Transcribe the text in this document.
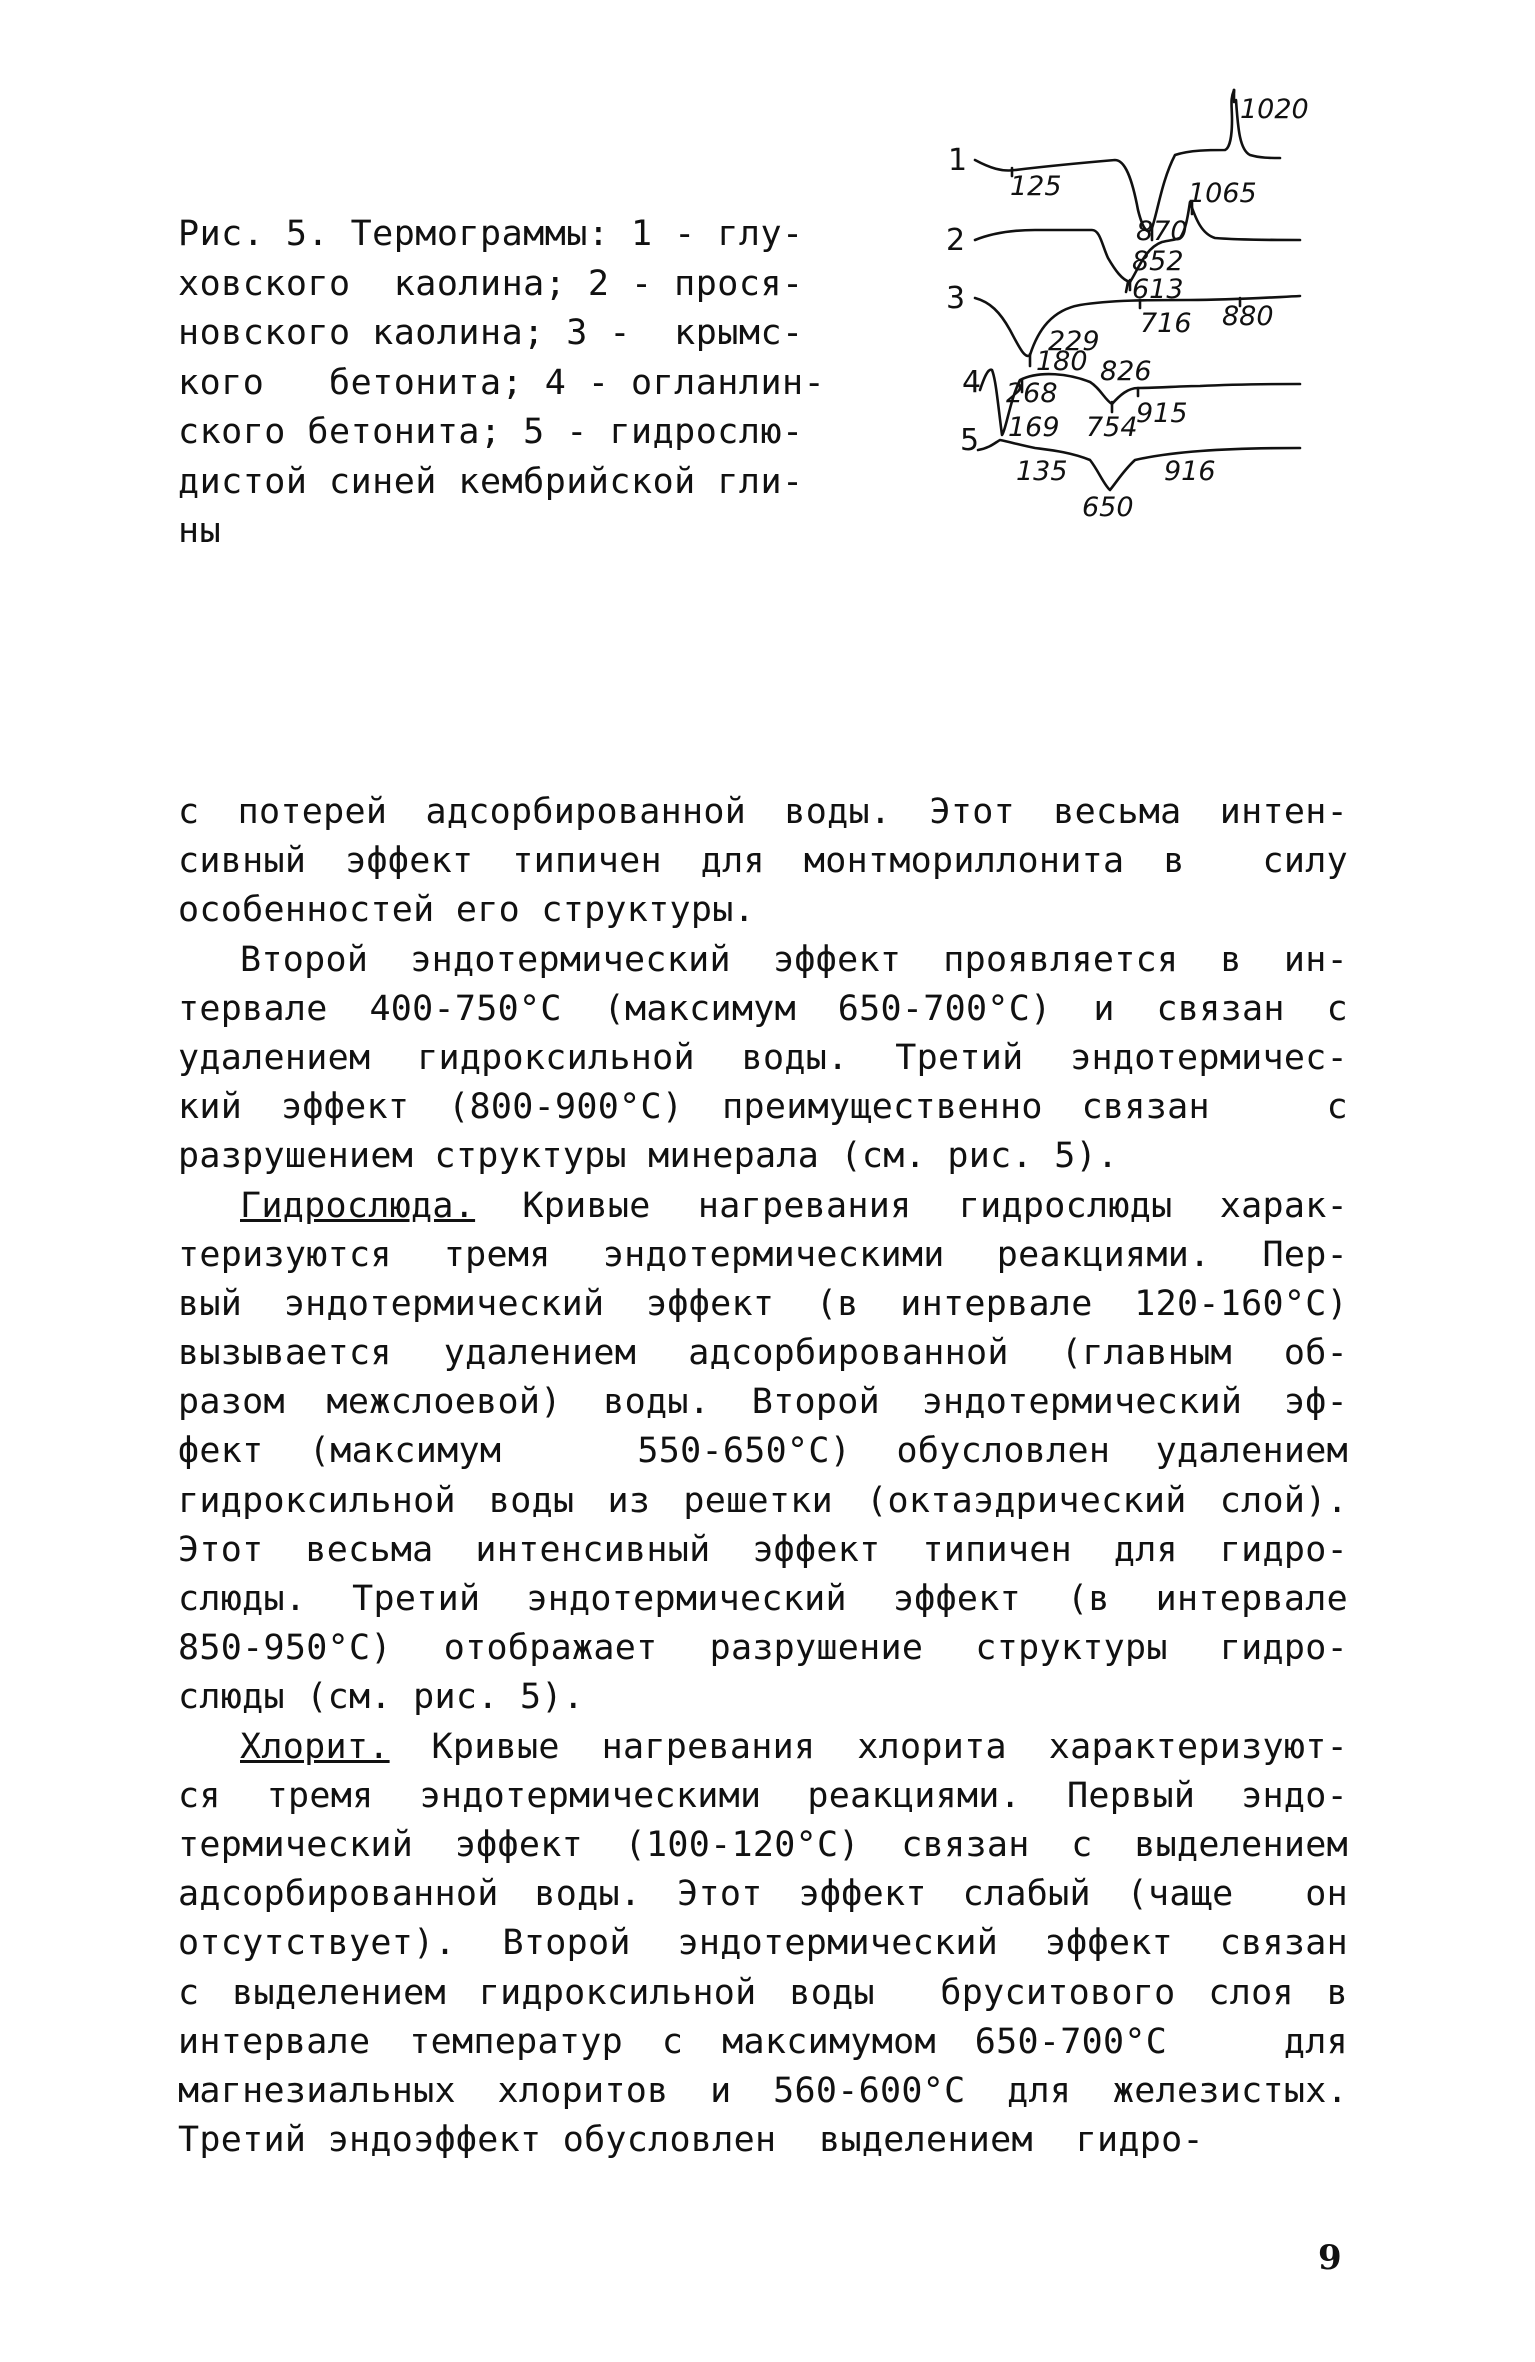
Рис. 5. Термограммы: 1 - глу-
ховского  каолина; 2 - прося-
новского каолина; 3 -  крымс-
кого   бетонита; 4 - огланлин-
ского бетонита; 5 - гидрослю-
дистой синей кембрийской гли-
ны
1
2
3
4
5
1020
125
870
1065
852
613
229
716 880
180 826
268
915
169 754
135	916
650
с потерей адсорбированной воды. Этот весьма интен-
сивный эффект типичен для монтмориллонита в  силу
особенностей его структуры.
Второй эндотермический эффект проявляется в ин-
тервале 400-750°C (максимум 650-700°C) и связан с
удалением гидроксильной воды. Третий эндотермичес-
кий эффект (800-900°C) преимущественно связан   с
разрушением структуры минерала (см. рис. 5).
Гидрослюда. Кривые нагревания гидрослюды харак-
теризуются тремя эндотермическими реакциями. Пер-
вый эндотермический эффект (в интервале 120-160°C)
вызывается удалением адсорбированной (главным об-
разом межслоевой) воды. Второй эндотермический эф-
фект (максимум   550-650°C) обусловлен удалением
гидроксильной воды из решетки (октаэдрический слой).
Этот весьма интенсивный эффект типичен для гидро-
слюды. Третий эндотермический эффект (в интервале
850-950°C) отображает разрушение структуры гидро-
слюды (см. рис. 5).
Хлорит. Кривые нагревания хлорита характеризуют-
ся тремя эндотермическими реакциями. Первый эндо-
термический эффект (100-120°C) связан с выделением
адсорбированной воды. Этот эффект слабый (чаще  он
отсутствует). Второй эндотермический эффект связан
с выделением гидроксильной воды  бруситового слоя в
интервале температур с максимумом 650-700°C   для
магнезиальных хлоритов и 560-600°C для железистых.
Третий эндоэффект обусловлен  выделением  гидро-
9
